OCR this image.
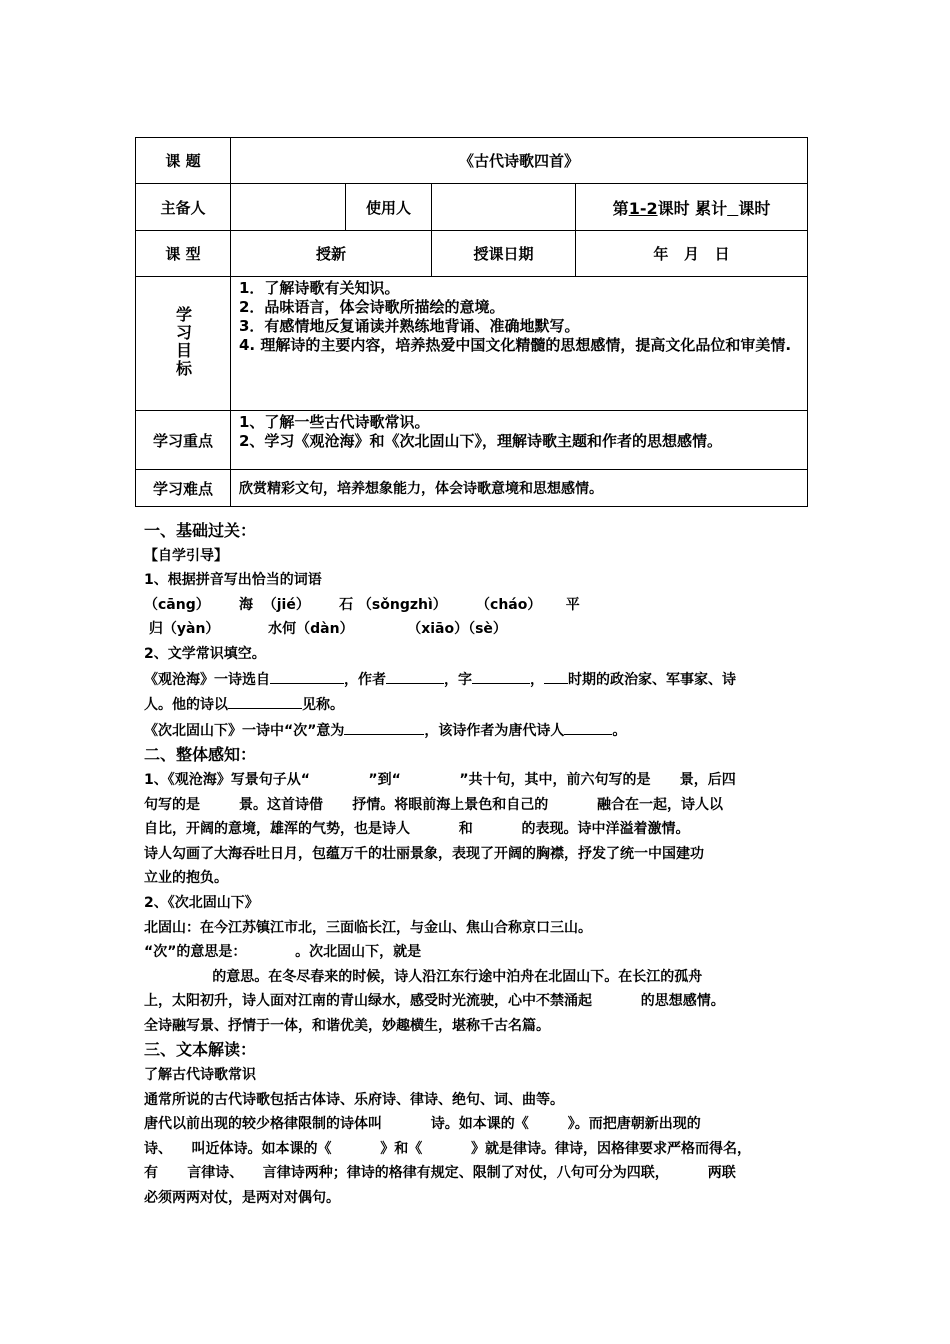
课 题	《古代诗歌四首》			
主备人		使用人		第1-2课时 累计 课时
课 型	授新		授课日期	年   月   日
学习目标	1．了解诗歌有关知识。
2．品味语言，体会诗歌所描绘的意境。
3．有感情地反复诵读并熟练地背诵、准确地默写。
4. 理解诗的主要内容，培养热爱中国文化精髓的思想感情，提高文化品位和审美情.			

学习重点	1、了解一些古代诗歌常识。
2、学习《观沧海》和《次北固山下》，理解诗歌主题和作者的思想感情。			

学习难点	欣赏精彩文句，培养想象能力，体会诗歌意境和思想感情。			
一、基础过关：
【自学引导】
1、根据拼音写出恰当的词语
（cāng）      海  （jié）      石 （sǒngzhì）      （cháo）     平
归（yàn）          水何（dàn）           （xiāo）（sè）
2、文学常识填空。
《观沧海》一诗选自	，作者	，字	， 时期的政治家、军事家、诗
人。他的诗以	见称。
《次北固山下》一诗中“次”意为	，该诗作者为唐代诗人	。
二、整体感知：
1、《观沧海》写景句子从“            ”到“            ”共十句，其中，前六句写的是      景，后四
句写的是        景。这首诗借      抒情。将眼前海上景色和自己的          融合在一起，诗人以
自比，开阔的意境，雄浑的气势，也是诗人          和          的表现。诗中洋溢着激情。
诗人勾画了大海吞吐日月，包蕴万千的壮丽景象，表现了开阔的胸襟，抒发了统一中国建功
立业的抱负。
2、《次北固山下》
北固山：在今江苏镇江市北，三面临长江，与金山、焦山合称京口三山。
“次”的意思是：          。次北固山下，就是
的意思。在冬尽春来的时候，诗人沿江东行途中泊舟在北固山下。在长江的孤舟
上，太阳初升，诗人面对江南的青山绿水，感受时光流驶，心中不禁涌起          的思想感情。
全诗融写景、抒情于一体，和谐优美，妙趣横生，堪称千古名篇。
三、文本解读：
了解古代诗歌常识
通常所说的古代诗歌包括古体诗、乐府诗、律诗、绝句、词、曲等。
唐代以前出现的较少格律限制的诗体叫          诗。如本课的《        》。而把唐朝新出现的
诗、    叫近体诗。如本课的《          》和《          》就是律诗。律诗，因格律要求严格而得名，
有      言律诗、    言律诗两种；律诗的格律有规定、限制了对仗，八句可分为四联，        两联
必须两两对仗，是两对对偶句。
